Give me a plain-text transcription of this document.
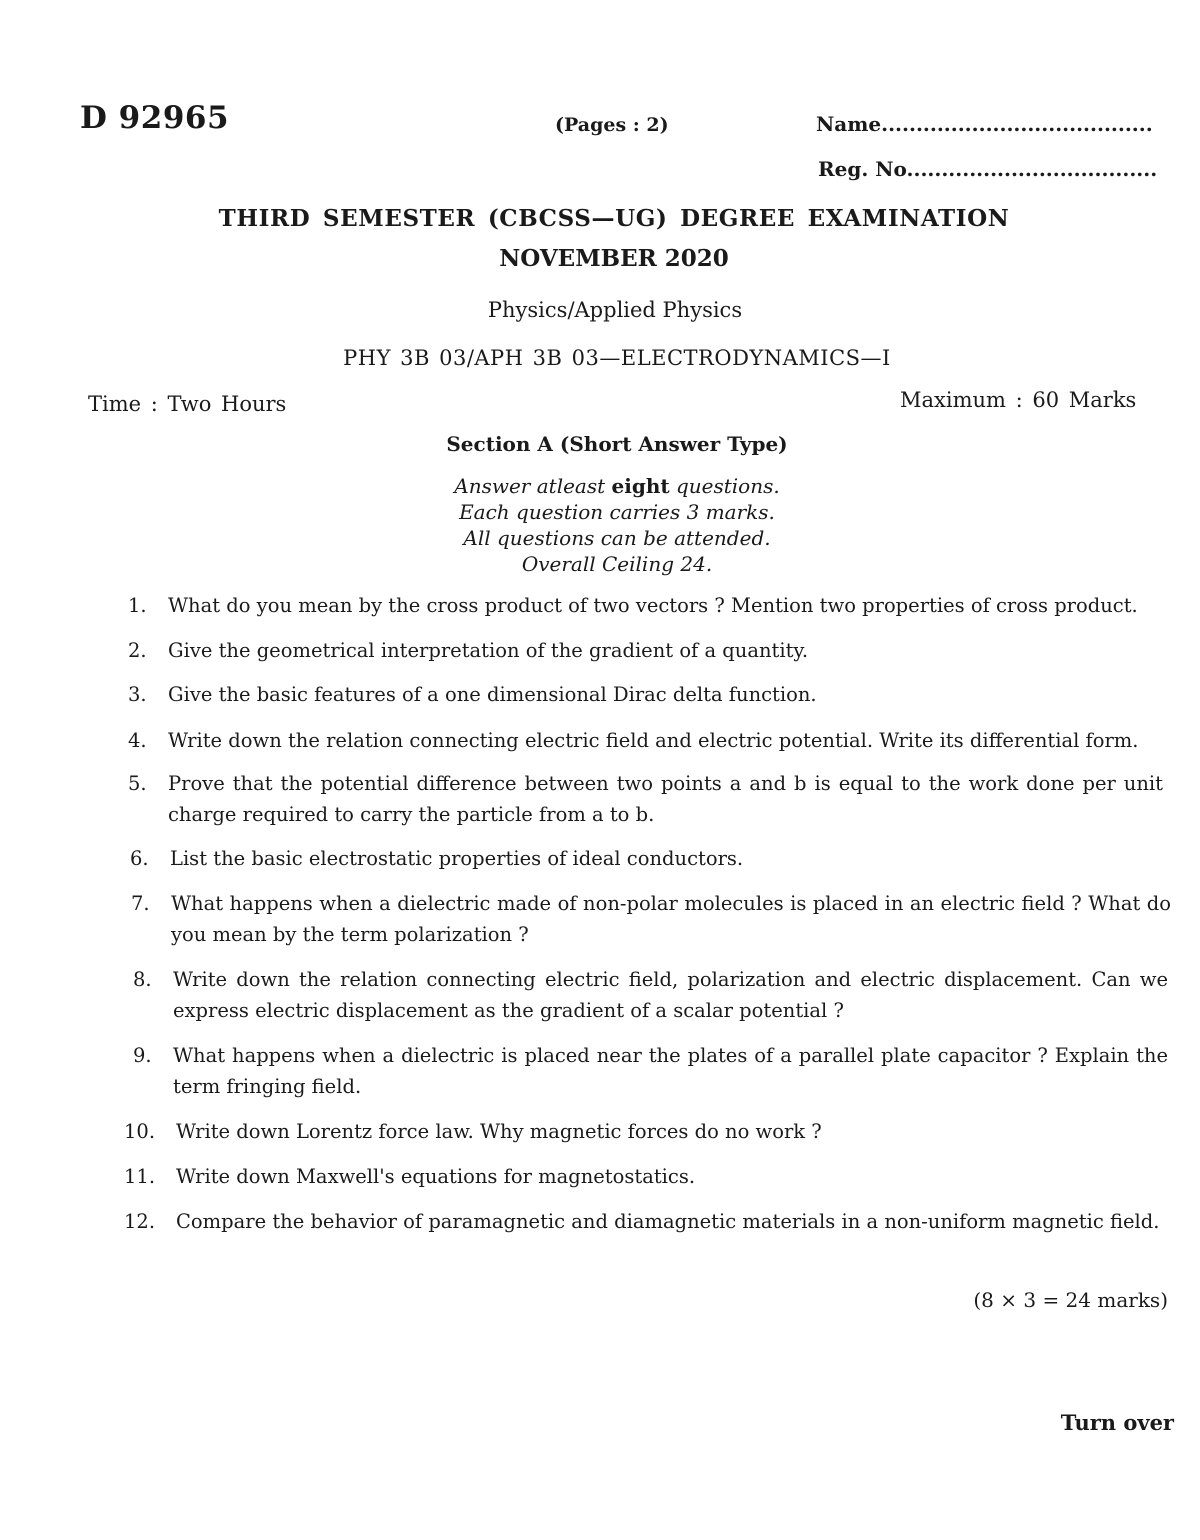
D 92965	(Pages : 2)	Name.......................................
Reg. No....................................
THIRD SEMESTER (CBCSS—UG) DEGREE EXAMINATION
NOVEMBER 2020
Physics/Applied Physics
PHY 3B 03/APH 3B 03—ELECTRODYNAMICS—I
Time : Two Hours	Maximum : 60 Marks
Section A (Short Answer Type)
Answer atleast eight questions.
Each question carries 3 marks.
All questions can be attended.
Overall Ceiling 24.
1. What do you mean by the cross product of two vectors ? Mention two properties of cross product.
2. Give the geometrical interpretation of the gradient of a quantity.
3. Give the basic features of a one dimensional Dirac delta function.
4. Write down the relation connecting electric field and electric potential. Write its differential form.
5. Prove that the potential difference between two points a and b is equal to the work done per unit charge required to carry the particle from a to b.
6. List the basic electrostatic properties of ideal conductors.
7. What happens when a dielectric made of non-polar molecules is placed in an electric field ? What do you mean by the term polarization ?
8. Write down the relation connecting electric field, polarization and electric displacement. Can we express electric displacement as the gradient of a scalar potential ?
9. What happens when a dielectric is placed near the plates of a parallel plate capacitor ? Explain the term fringing field.
10. Write down Lorentz force law. Why magnetic forces do no work ?
11. Write down Maxwell's equations for magnetostatics.
12. Compare the behavior of paramagnetic and diamagnetic materials in a non-uniform magnetic field.
(8 × 3 = 24 marks)
Turn over
